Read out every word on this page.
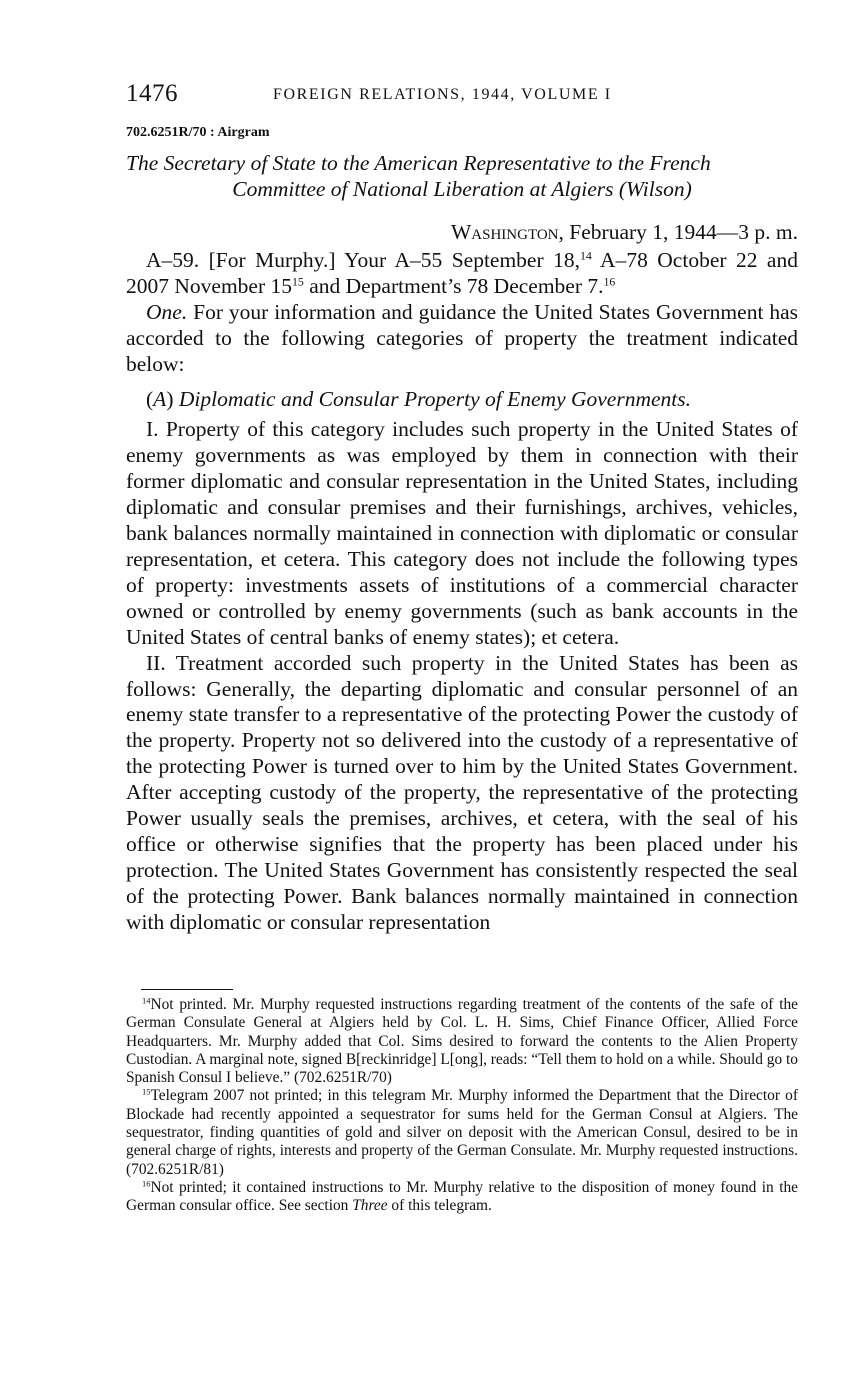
1476	FOREIGN RELATIONS, 1944, VOLUME I
702.6251R/70 : Airgram
The Secretary of State to the American Representative to the French
Committee of National Liberation at Algiers (Wilson)
Washington, February 1, 1944—3 p. m.

A–59. [For Murphy.] Your A–55 September 18,14 A–78 October 22 and 2007 November $15^{15}$ and Department’s 78 December 7.16

One. For your information and guidance the United States Government has accorded to the following categories of property the treatment indicated below:

(A) Diplomatic and Consular Property of Enemy Governments.

I. Property of this category includes such property in the United States of enemy governments as was employed by them in connection with their former diplomatic and consular representation in the United States, including diplomatic and consular premises and their furnishings, archives, vehicles, bank balances normally maintained in connection with diplomatic or consular representation, et cetera. This category does not include the following types of property: investments assets of institutions of a commercial character owned or controlled by enemy governments (such as bank accounts in the United States of central banks of enemy states); et cetera.

II. Treatment accorded such property in the United States has been as follows: Generally, the departing diplomatic and consular personnel of an enemy state transfer to a representative of the protecting Power the custody of the property. Property not so delivered into the custody of a representative of the protecting Power is turned over to him by the United States Government. After accepting custody of the property, the representative of the protecting Power usually seals the premises, archives, et cetera, with the seal of his office or otherwise signifies that the property has been placed under his protection. The United States Government has consistently respected the seal of the protecting Power. Bank balances normally maintained in connection with diplomatic or consular representation

$^{14}$Not printed. Mr. Murphy requested instructions regarding treatment of the contents of the safe of the German Consulate General at Algiers held by Col. L. H. Sims, Chief Finance Officer, Allied Force Headquarters. Mr. Murphy added that Col. Sims desired to forward the contents to the Alien Property Custodian. A marginal note, signed B[reckinridge] L[ong], reads: “Tell them to hold on a while. Should go to Spanish Consul I believe.” (702.6251R/70)

$^{15}$Telegram 2007 not printed; in this telegram Mr. Murphy informed the Department that the Director of Blockade had recently appointed a sequestrator for sums held for the German Consul at Algiers. The sequestrator, finding quantities of gold and silver on deposit with the American Consul, desired to be in general charge of rights, interests and property of the German Consulate. Mr. Murphy requested instructions. (702.6251R/81)

$^{16}$Not printed; it contained instructions to Mr. Murphy relative to the disposition of money found in the German consular office. See section Three of this telegram.
